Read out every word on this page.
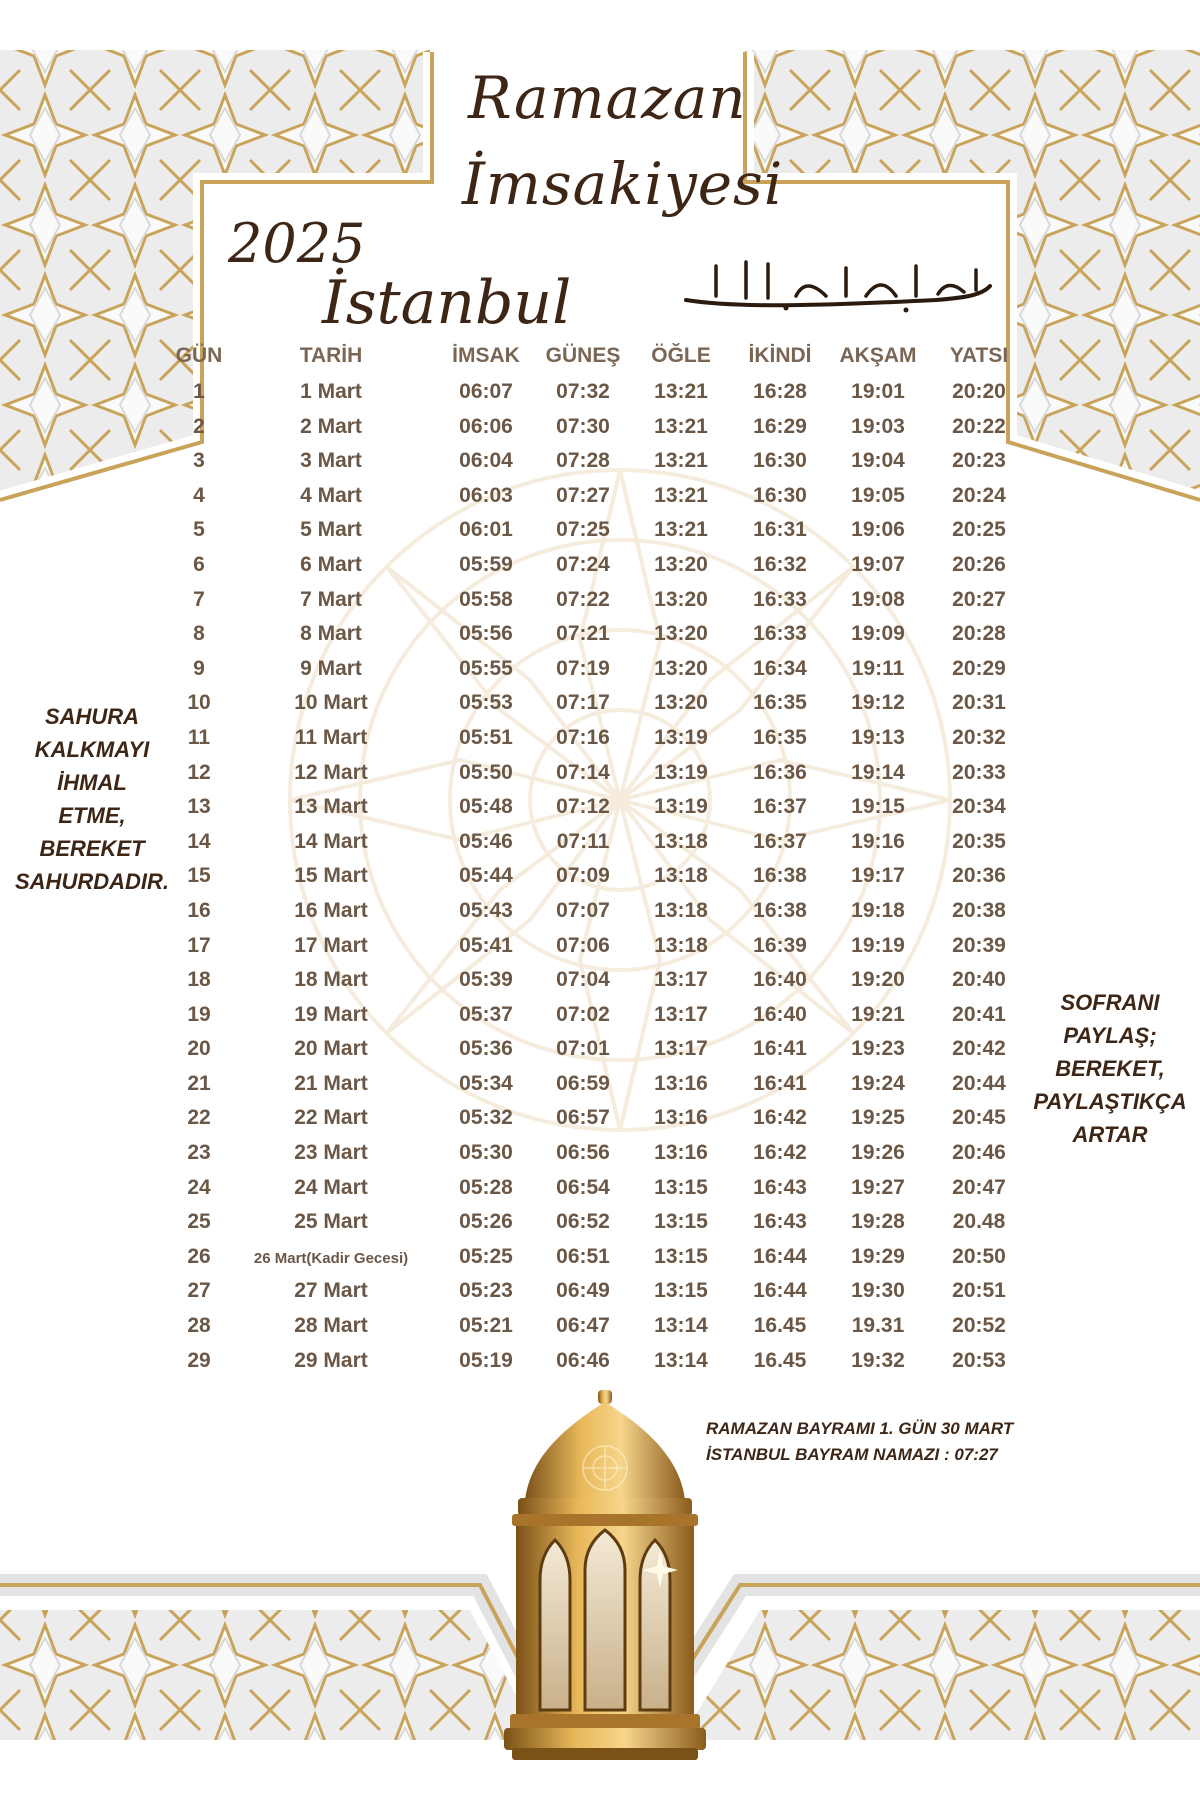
Ramazan
İmsakiyesi
2025
İstanbul	بسم الله الرحمن الرحيم
GÜN	TARİH	İMSAK GÜNEŞ ÖĞLE İKİNDİ AKŞAM YATSI
1	1 Mart	06:07 07:32 13:21 16:28 19:01 20:20
2	2 Mart	06:06 07:30 13:21 16:29 19:03 20:22
3	3 Mart	06:04 07:28 13:21 16:30 19:04 20:23
4	4 Mart	06:03 07:27 13:21 16:30 19:05 20:24
5	5 Mart	06:01 07:25 13:21 16:31 19:06 20:25
6	6 Mart	05:59 07:24 13:20 16:32 19:07 20:26
7	7 Mart	05:58 07:22 13:20 16:33 19:08 20:27
8	8 Mart	05:56 07:21 13:20 16:33 19:09 20:28
9	9 Mart	05:55 07:19 13:20 16:34 19:11 20:29
10	10 Mart	05:53 07:17 13:20 16:35 19:12 20:31
11	11 Mart	05:51 07:16 13:19 16:35 19:13 20:32
12	12 Mart	05:50 07:14 13:19 16:36 19:14 20:33
13	13 Mart	05:48 07:12 13:19 16:37 19:15 20:34
14	14 Mart	05:46 07:11 13:18 16:37 19:16 20:35
15	15 Mart	05:44 07:09 13:18 16:38 19:17 20:36
16	16 Mart	05:43 07:07 13:18 16:38 19:18 20:38
17	17 Mart	05:41 07:06 13:18 16:39 19:19 20:39
18	18 Mart	05:39 07:04 13:17 16:40 19:20 20:40
19	19 Mart	05:37 07:02 13:17 16:40 19:21 20:41
20	20 Mart	05:36 07:01 13:17 16:41 19:23 20:42
21	21 Mart	05:34 06:59 13:16 16:41 19:24 20:44
22	22 Mart	05:32 06:57 13:16 16:42 19:25 20:45
23	23 Mart	05:30 06:56 13:16 16:42 19:26 20:46
24	24 Mart	05:28 06:54 13:15 16:43 19:27 20:47
25	25 Mart	05:26 06:52 13:15 16:43 19:28 20.48
26	26 Mart(Kadir Gecesi) 05:25 06:51 13:15 16:44 19:29 20:50
27	27 Mart	05:23 06:49 13:15 16:44 19:30 20:51
28	28 Mart	05:21 06:47 13:14 16.45 19.31 20:52
29	29 Mart	05:19 06:46 13:14 16.45 19:32 20:53
SAHURA
KALKMAYI
İHMAL
ETME,
BEREKET
SAHURDADIR.
SOFRANI
PAYLAŞ;
BEREKET,
PAYLAŞTIKÇA
ARTAR
RAMAZAN BAYRAMI 1. GÜN 30 MART
İSTANBUL BAYRAM NAMAZI : 07:27
